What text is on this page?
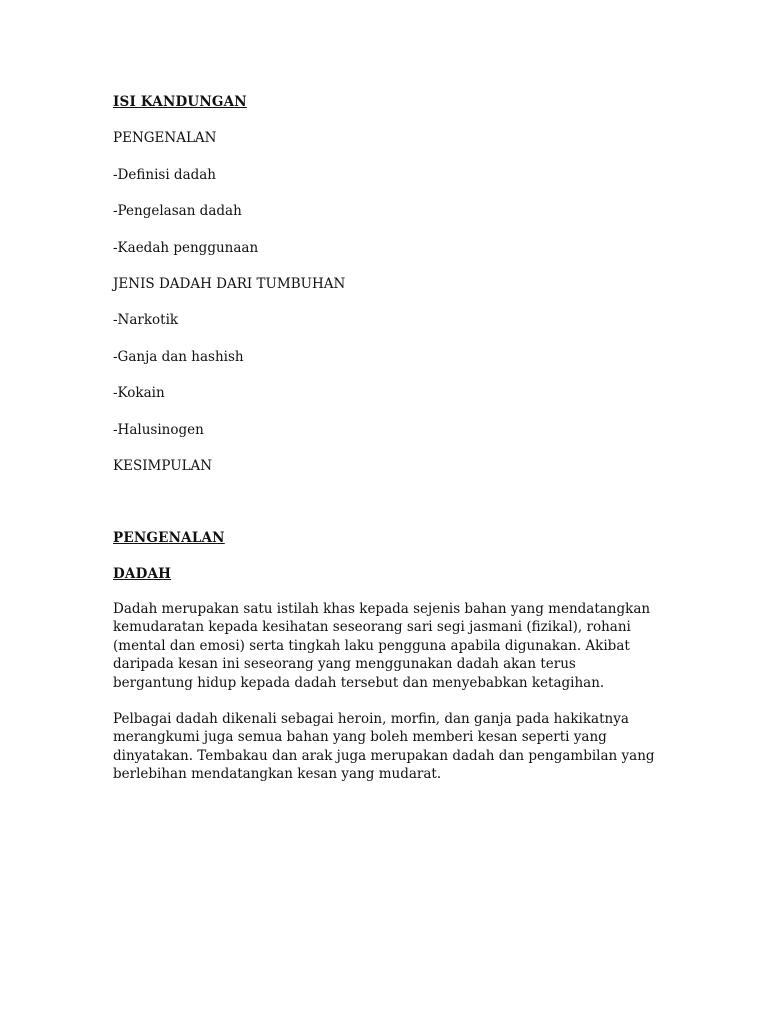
ISI KANDUNGAN

PENGENALAN

-Definisi dadah

-Pengelasan dadah

-Kaedah penggunaan

JENIS DADAH DARI TUMBUHAN

-Narkotik

-Ganja dan hashish

-Kokain

-Halusinogen

KESIMPULAN

PENGENALAN

DADAH

Dadah merupakan satu istilah khas kepada sejenis bahan yang mendatangkan kemudaratan kepada kesihatan seseorang sari segi jasmani (fizikal), rohani (mental dan emosi) serta tingkah laku pengguna apabila digunakan. Akibat daripada kesan ini seseorang yang menggunakan dadah akan terus bergantung hidup kepada dadah tersebut dan menyebabkan ketagihan.

Pelbagai dadah dikenali sebagai heroin, morfin, dan ganja pada hakikatnya merangkumi juga semua bahan yang boleh memberi kesan seperti yang dinyatakan. Tembakau dan arak juga merupakan dadah dan pengambilan yang berlebihan mendatangkan kesan yang mudarat.
